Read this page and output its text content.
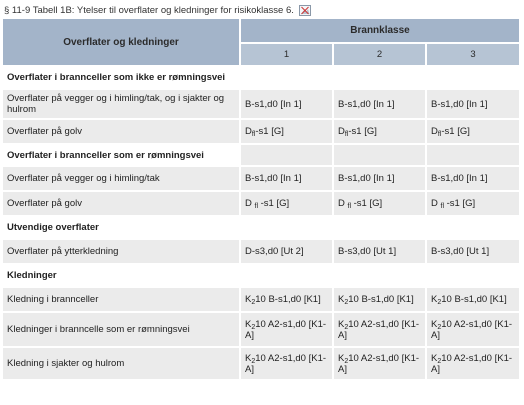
§ 11-9 Tabell 1B: Ytelser til overflater og kledninger for risikoklasse 6.
Overflater og kledninger	Brannklasse		
	1	2	3
Overflater i brannceller som ikke er rømningsvei			
Overflater på vegger og i himling/tak, og i sjakter og hulrom	B-s1,d0 [In 1]	B-s1,d0 [In 1]	B-s1,d0 [In 1]
Overflater på golv	$D_{fl}-s1$ [G]	$D_{fl}-s1$ [G]	$D_{fl}-s1$ [G]
Overflater i brannceller som er rømningsvei			
Overflater på vegger og i himling/tak	B-s1,d0 [In 1]	B-s1,d0 [In 1]	B-s1,d0 [In 1]
Overflater på golv	D $_{fl}$ -s1 [G]	D $_{fl}$ -s1 [G]	D $_{fl}$ -s1 [G]
Utvendige overflater			
Overflater på ytterkledning	D-s3,d0 [Ut 2]	B-s3,d0 [Ut 1]	B-s3,d0 [Ut 1]
Kledninger			
Kledning i brannceller	$K_210$ B-s1,d0 [K1]	$K_210$ B-s1,d0 [K1]	$K_210$ B-s1,d0 [K1]
Kledninger i branncelle som er rømningsvei	$K_210$ A2-s1,d0 [K1-A]	$K_210$ A2-s1,d0 [K1-A]	$K_210$ A2-s1,d0 [K1-A]
Kledning i sjakter og hulrom	$K_210$ A2-s1,d0 [K1-A]	$K_210$ A2-s1,d0 [K1-A]	$K_210$ A2-s1,d0 [K1-A]
